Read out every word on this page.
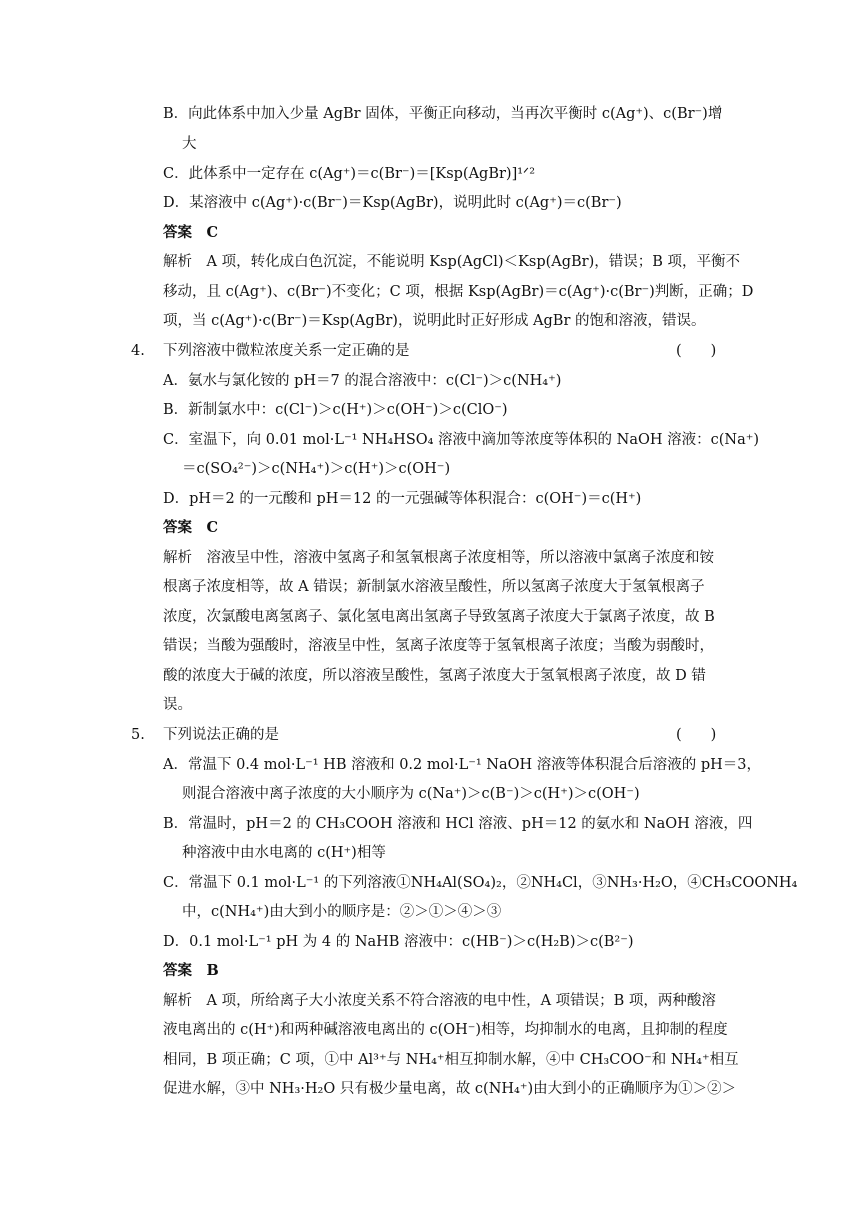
B．向此体系中加入少量 AgBr 固体，平衡正向移动，当再次平衡时 c(Ag⁺)、c(Br⁻)增
大
C．此体系中一定存在 c(Ag⁺)＝c(Br⁻)＝[Ksp(AgBr)]¹ᐟ²
D．某溶液中 c(Ag⁺)·c(Br⁻)＝Ksp(AgBr)，说明此时 c(Ag⁺)＝c(Br⁻)
答案　C
解析　A 项，转化成白色沉淀，不能说明 Ksp(AgCl)＜Ksp(AgBr)，错误；B 项，平衡不
移动，且 c(Ag⁺)、c(Br⁻)不变化；C 项，根据 Ksp(AgBr)＝c(Ag⁺)·c(Br⁻)判断，正确；D
项，当 c(Ag⁺)·c(Br⁻)＝Ksp(AgBr)，说明此时正好形成 AgBr 的饱和溶液，错误。
下列溶液中微粒浓度关系一定正确的是
A．氨水与氯化铵的 pH＝7 的混合溶液中：c(Cl⁻)＞c(NH₄⁺)
B．新制氯水中：c(Cl⁻)＞c(H⁺)＞c(OH⁻)＞c(ClO⁻)
C．室温下，向 0.01 mol·L⁻¹ NH₄HSO₄ 溶液中滴加等浓度等体积的 NaOH 溶液：c(Na⁺)
＝c(SO₄²⁻)＞c(NH₄⁺)＞c(H⁺)＞c(OH⁻)
D．pH＝2 的一元酸和 pH＝12 的一元强碱等体积混合：c(OH⁻)＝c(H⁺)
答案　C
解析　溶液呈中性，溶液中氢离子和氢氧根离子浓度相等，所以溶液中氯离子浓度和铵
根离子浓度相等，故 A 错误；新制氯水溶液呈酸性，所以氢离子浓度大于氢氧根离子
浓度，次氯酸电离氢离子、氯化氢电离出氢离子导致氢离子浓度大于氯离子浓度，故 B
错误；当酸为强酸时，溶液呈中性，氢离子浓度等于氢氧根离子浓度；当酸为弱酸时，
酸的浓度大于碱的浓度，所以溶液呈酸性，氢离子浓度大于氢氧根离子浓度，故 D 错
误。
下列说法正确的是
A．常温下 0.4 mol·L⁻¹ HB 溶液和 0.2 mol·L⁻¹ NaOH 溶液等体积混合后溶液的 pH＝3，
则混合溶液中离子浓度的大小顺序为 c(Na⁺)＞c(B⁻)＞c(H⁺)＞c(OH⁻)
B．常温时，pH＝2 的 CH₃COOH 溶液和 HCl 溶液、pH＝12 的氨水和 NaOH 溶液，四
种溶液中由水电离的 c(H⁺)相等
C．常温下 0.1 mol·L⁻¹ 的下列溶液①NH₄Al(SO₄)₂，②NH₄Cl，③NH₃·H₂O，④CH₃COONH₄
中，c(NH₄⁺)由大到小的顺序是：②＞①＞④＞③
D．0.1 mol·L⁻¹ pH 为 4 的 NaHB 溶液中：c(HB⁻)＞c(H₂B)＞c(B²⁻)
答案　B
解析　A 项，所给离子大小浓度关系不符合溶液的电中性，A 项错误；B 项，两种酸溶
液电离出的 c(H⁺)和两种碱溶液电离出的 c(OH⁻)相等，均抑制水的电离，且抑制的程度
相同，B 项正确；C 项，①中 Al³⁺与 NH₄⁺相互抑制水解，④中 CH₃COO⁻和 NH₄⁺相互
促进水解，③中 NH₃·H₂O 只有极少量电离，故 c(NH₄⁺)由大到小的正确顺序为①＞②＞
4.	(　　)
5.	(　　)
